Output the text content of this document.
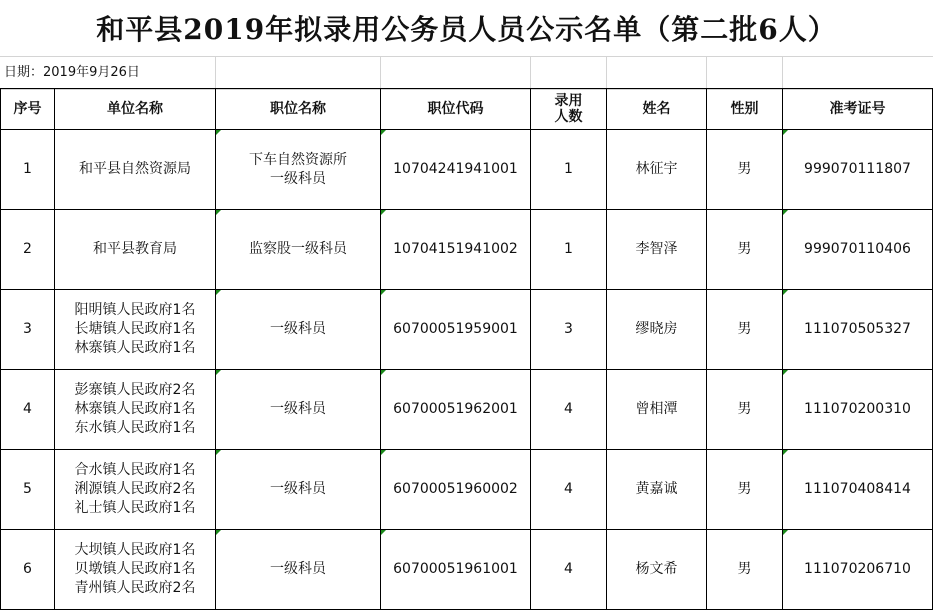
和平县2019年拟录用公务员人员公示名单（第二批6人）
日期：2019年9月26日
序号	单位名称	职位名称	职位代码	录用
人数	姓名	性别	准考证号
1	和平县自然资源局	下车自然资源所
一级科员	10704241941001	1	林征宇	男	999070111807
2	和平县教育局	监察股一级科员	10704151941002	1	李智泽	男	999070110406
3	阳明镇人民政府1名
长塘镇人民政府1名
林寨镇人民政府1名	一级科员	60700051959001	3	缪晓房	男	111070505327
4	彭寨镇人民政府2名
林寨镇人民政府1名
东水镇人民政府1名	一级科员	60700051962001	4	曾相潭	男	111070200310
5	合水镇人民政府1名
浰源镇人民政府2名
礼士镇人民政府1名	一级科员	60700051960002	4	黄嘉诚	男	111070408414
6	大坝镇人民政府1名
贝墩镇人民政府1名
青州镇人民政府2名	一级科员	60700051961001	4	杨文希	男	111070206710
